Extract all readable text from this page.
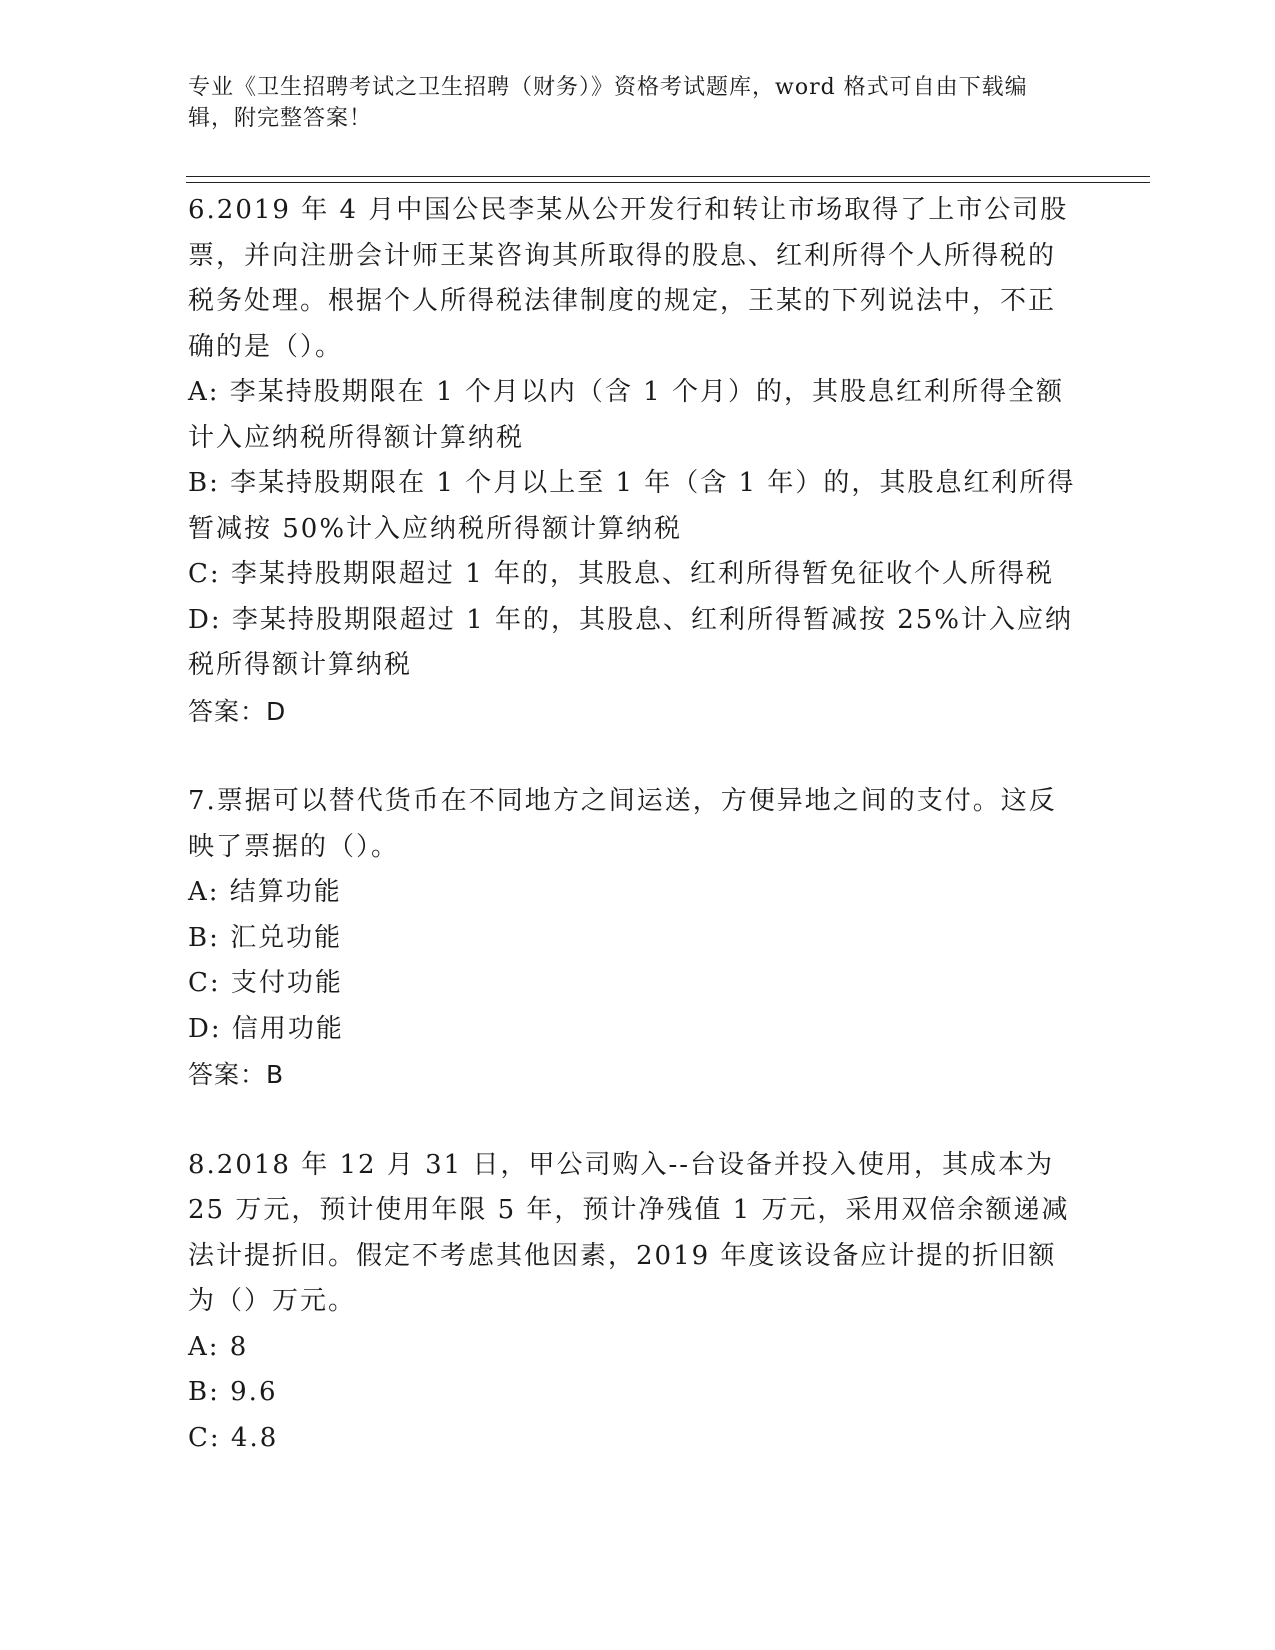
专业《卫生招聘考试之卫生招聘（财务）》资格考试题库，word 格式可自由下载编辑，附完整答案！
6.2019 年 4 月中国公民李某从公开发行和转让市场取得了上市公司股票，并向注册会计师王某咨询其所取得的股息、红利所得个人所得税的税务处理。根据个人所得税法律制度的规定，王某的下列说法中，不正确的是（）。
A: 李某持股期限在 1 个月以内（含 1 个月）的，其股息红利所得全额计入应纳税所得额计算纳税
B: 李某持股期限在 1 个月以上至 1 年（含 1 年）的，其股息红利所得暂减按 50%计入应纳税所得额计算纳税
C: 李某持股期限超过 1 年的，其股息、红利所得暂免征收个人所得税
D: 李某持股期限超过 1 年的，其股息、红利所得暂减按 25%计入应纳税所得额计算纳税
答案：D
7.票据可以替代货币在不同地方之间运送，方便异地之间的支付。这反映了票据的（）。
A: 结算功能
B: 汇兑功能
C: 支付功能
D: 信用功能
答案：B
8.2018 年 12 月 31 日，甲公司购入--台设备并投入使用，其成本为 25 万元，预计使用年限 5 年，预计净残值 1 万元，采用双倍余额递减法计提折旧。假定不考虑其他因素，2019 年度该设备应计提的折旧额为（）万元。
A: 8
B: 9.6
C: 4.8
